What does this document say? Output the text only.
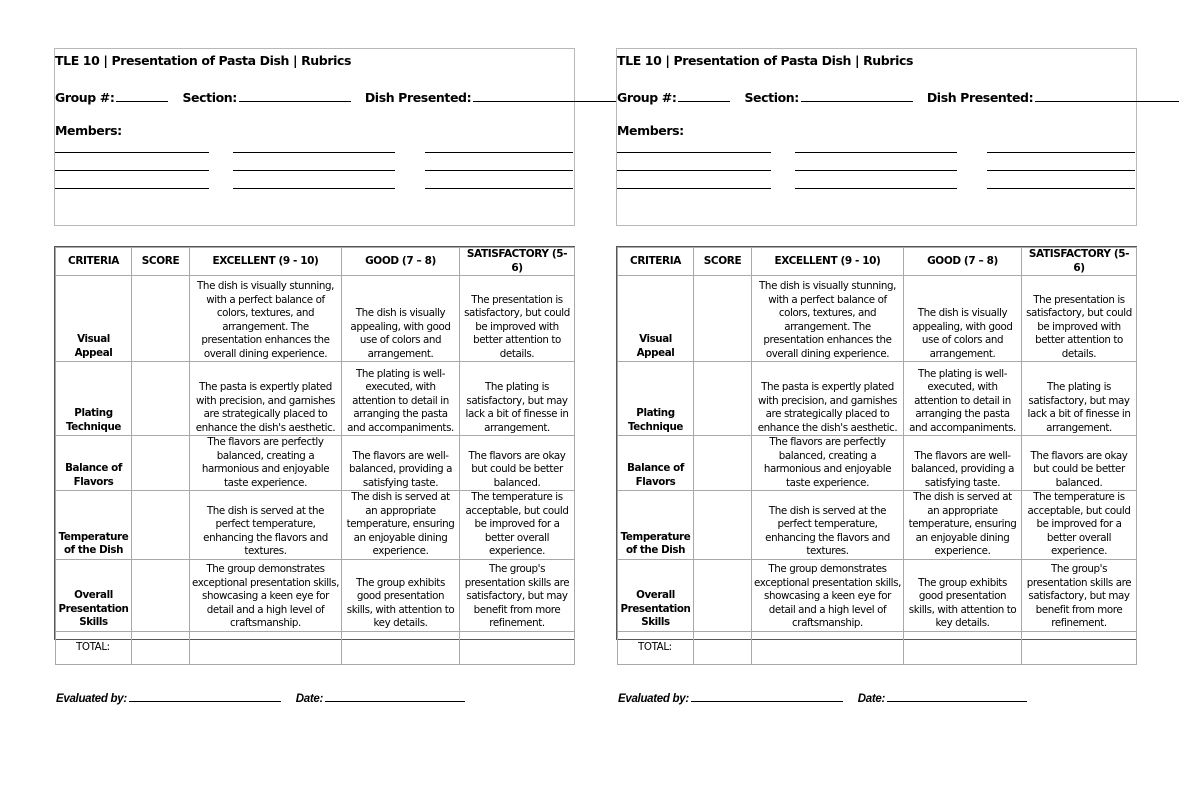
TLE 10 | Presentation of Pasta Dish | Rubrics
Group #:	Section:	Dish Presented:
Members:
CRITERIA	SCORE	EXCELLENT (9 - 10)	GOOD (7 – 8)	SATISFACTORY (5-6)
Visual Appeal		The dish is visually stunning, with a perfect balance of colors, textures, and arrangement. The presentation enhances the overall dining experience.	The dish is visually appealing, with good use of colors and arrangement.	The presentation is satisfactory, but could be improved with better attention to details.
Plating Technique		The pasta is expertly plated with precision, and garnishes are strategically placed to enhance the dish's aesthetic.	The plating is well-executed, with attention to detail in arranging the pasta and accompaniments.	The plating is satisfactory, but may lack a bit of finesse in arrangement.
Balance of Flavors		The flavors are perfectly balanced, creating a harmonious and enjoyable taste experience.	The flavors are well-balanced, providing a satisfying taste.	The flavors are okay but could be better balanced.
Temperature of the Dish		The dish is served at the perfect temperature, enhancing the flavors and textures.	The dish is served at an appropriate temperature, ensuring an enjoyable dining experience.	The temperature is acceptable, but could be improved for a better overall experience.
Overall Presentation Skills		The group demonstrates exceptional presentation skills, showcasing a keen eye for detail and a high level of craftsmanship.	The group exhibits good presentation skills, with attention to key details.	The group's presentation skills are satisfactory, but may benefit from more refinement.
TOTAL:				
Evaluated by:	Date:
TLE 10 | Presentation of Pasta Dish | Rubrics
Group #:	Section:	Dish Presented:
Members:
CRITERIA	SCORE	EXCELLENT (9 - 10)	GOOD (7 – 8)	SATISFACTORY (5-6)
Visual Appeal		The dish is visually stunning, with a perfect balance of colors, textures, and arrangement. The presentation enhances the overall dining experience.	The dish is visually appealing, with good use of colors and arrangement.	The presentation is satisfactory, but could be improved with better attention to details.
Plating Technique		The pasta is expertly plated with precision, and garnishes are strategically placed to enhance the dish's aesthetic.	The plating is well-executed, with attention to detail in arranging the pasta and accompaniments.	The plating is satisfactory, but may lack a bit of finesse in arrangement.
Balance of Flavors		The flavors are perfectly balanced, creating a harmonious and enjoyable taste experience.	The flavors are well-balanced, providing a satisfying taste.	The flavors are okay but could be better balanced.
Temperature of the Dish		The dish is served at the perfect temperature, enhancing the flavors and textures.	The dish is served at an appropriate temperature, ensuring an enjoyable dining experience.	The temperature is acceptable, but could be improved for a better overall experience.
Overall Presentation Skills		The group demonstrates exceptional presentation skills, showcasing a keen eye for detail and a high level of craftsmanship.	The group exhibits good presentation skills, with attention to key details.	The group's presentation skills are satisfactory, but may benefit from more refinement.
TOTAL:				
Evaluated by:	Date:
